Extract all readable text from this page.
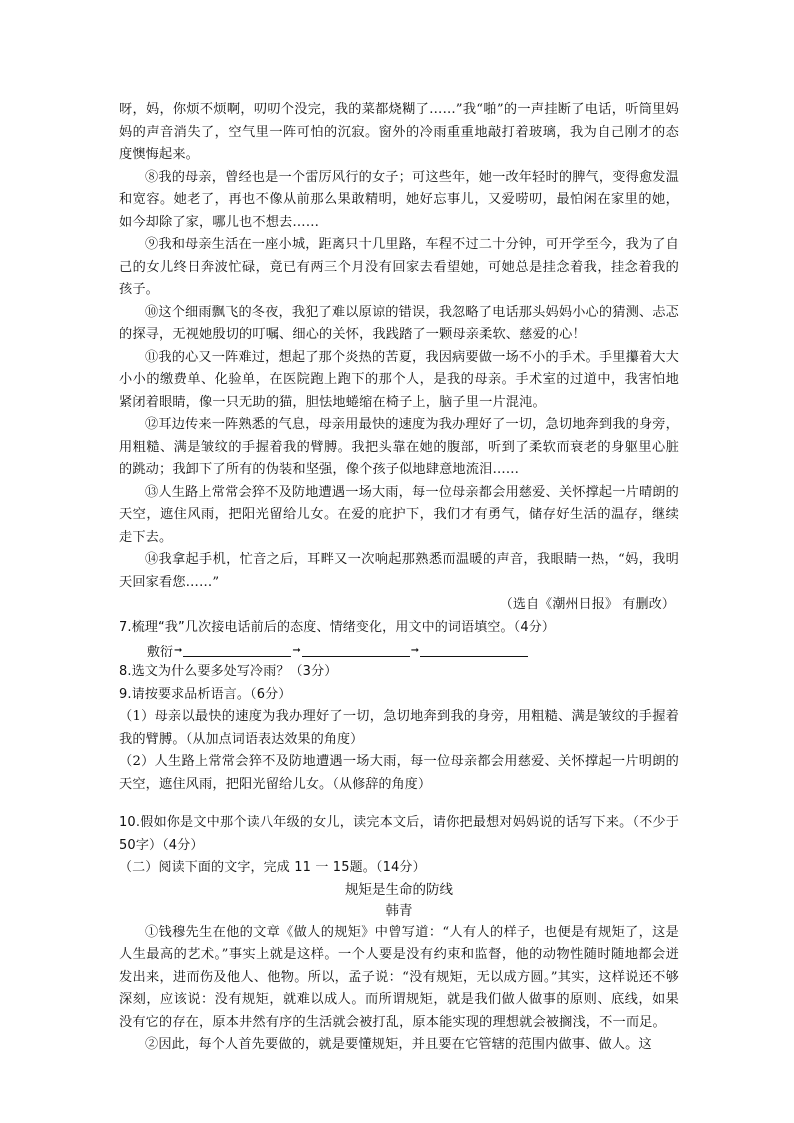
呀，妈，你烦不烦啊，叨叨个没完，我的菜都烧糊了……”我“啪”的一声挂断了电话，听筒里妈妈的声音消失了，空气里一阵可怕的沉寂。窗外的冷雨重重地敲打着玻璃，我为自己刚才的态度懊悔起来。

⑧我的母亲，曾经也是一个雷厉风行的女子；可这些年，她一改年轻时的脾气，变得愈发温和宽容。她老了，再也不像从前那么果敢精明，她好忘事儿，又爱唠叨，最怕闲在家里的她，如今却除了家，哪儿也不想去……

⑨我和母亲生活在一座小城，距离只十几里路，车程不过二十分钟，可开学至今，我为了自己的女儿终日奔波忙碌，竟已有两三个月没有回家去看望她，可她总是挂念着我，挂念着我的孩子。

⑩这个细雨飘飞的冬夜，我犯了难以原谅的错误，我忽略了电话那头妈妈小心的猜测、忐忑的探寻，无视她殷切的叮嘱、细心的关怀，我践踏了一颗母亲柔软、慈爱的心！

⑪我的心又一阵难过，想起了那个炎热的苦夏，我因病要做一场不小的手术。手里攥着大大小小的缴费单、化验单，在医院跑上跑下的那个人，是我的母亲。手术室的过道中，我害怕地紧闭着眼睛，像一只无助的猫，胆怯地蜷缩在椅子上，脑子里一片混沌。

⑫耳边传来一阵熟悉的气息，母亲用最快的速度为我办理好了一切，急切地奔到我的身旁，用粗糙、满是皱纹的手握着我的臂膊。我把头靠在她的腹部，听到了柔软而衰老的身躯里心脏的跳动；我卸下了所有的伪装和坚强，像个孩子似地肆意地流泪……

⑬人生路上常常会猝不及防地遭遇一场大雨，每一位母亲都会用慈爱、关怀撑起一片晴朗的天空，遮住风雨，把阳光留给儿女。在爱的庇护下，我们才有勇气，储存好生活的温存，继续走下去。

⑭我拿起手机，忙音之后，耳畔又一次响起那熟悉而温暖的声音，我眼睛一热，“妈，我明天回家看您……”

（选自《潮州日报》 有删改）

7.梳理“我”几次接电话前后的态度、情绪变化，用文中的词语填空。（4分）

敷衍 ➞	➞	➞

8.选文为什么要多处写冷雨？（3分）

9.请按要求品析语言。（6分）

（1）母亲以最快的速度为我办理好了一切，急切地奔到我的身旁，用粗糙、满是皱纹的手握着我的臂膊。（从加点词语表达效果的角度）

（2）人生路上常常会猝不及防地遭遇一场大雨，每一位母亲都会用慈爱、关怀撑起一片明朗的天空，遮住风雨，把阳光留给儿女。（从修辞的角度）

10.假如你是文中那个读八年级的女儿，读完本文后，请你把最想对妈妈说的话写下来。（不少于 50字）（4分）

（二）阅读下面的文字，完成 11 一 15题。（14分）

规矩是生命的防线
韩青

①钱穆先生在他的文章《做人的规矩》中曾写道：“人有人的样子，也便是有规矩了，这是人生最高的艺术。”事实上就是这样。一个人要是没有约束和监督，他的动物性随时随地都会迸发出来，进而伤及他人、他物。所以，孟子说：“没有规矩，无以成方圆。”其实，这样说还不够深刻，应该说：没有规矩，就难以成人。而所谓规矩，就是我们做人做事的原则、底线，如果没有它的存在，原本井然有序的生活就会被打乱，原本能实现的理想就会被搁浅，不一而足。

②因此，每个人首先要做的，就是要懂规矩，并且要在它管辖的范围内做事、做人。这
